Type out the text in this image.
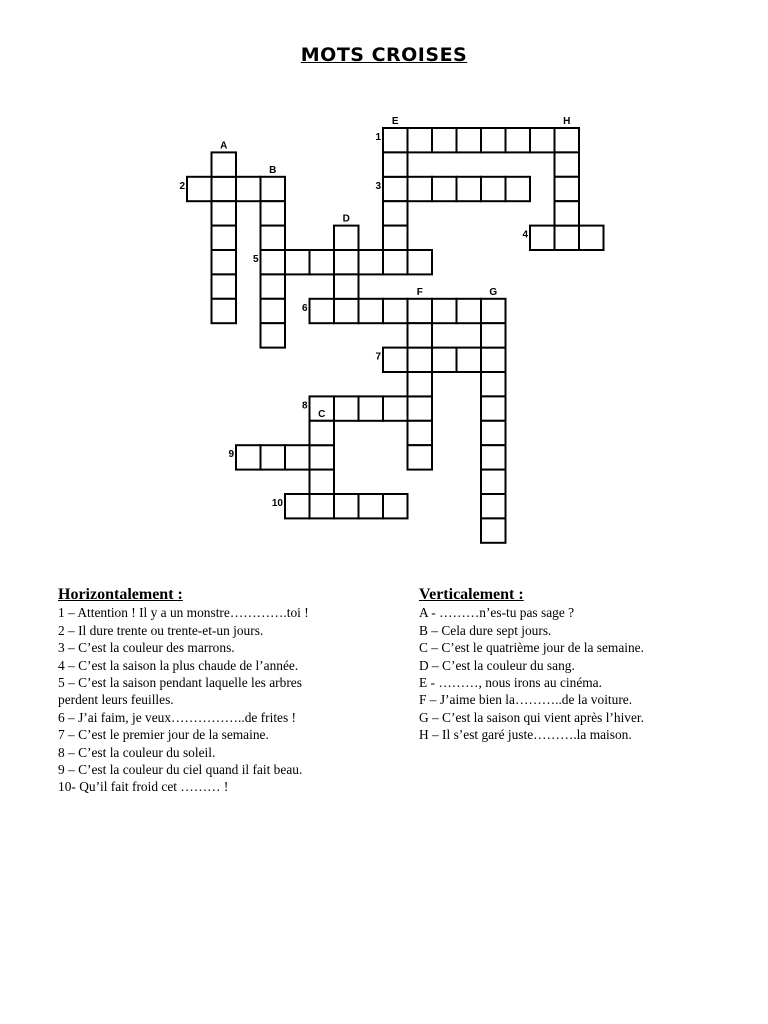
MOTS CROISES
1
2	3
4
5
6
7
8
9
10
A
B
C
D
E
F	G
H
Horizontalement :
1 – Attention ! Il y a un monstre………….toi !
2 – Il dure trente ou trente-et-un jours.
3 – C’est la couleur des marrons.
4 – C’est la saison la plus chaude de l’année.
5 – C’est la saison pendant laquelle les arbres
perdent leurs feuilles.
6 – J’ai faim, je veux……………..de frites !
7 – C’est le premier jour de la semaine.
8 – C’est la couleur du soleil.
9 – C’est la couleur du ciel quand il fait beau.
10- Qu’il fait froid cet ……… !
Verticalement :
A - ………n’es-tu pas sage ?
B – Cela dure sept jours.
C – C’est le quatrième jour de la semaine.
D – C’est la couleur du sang.
E - ………, nous irons au cinéma.
F – J’aime bien la………..de la voiture.
G – C’est la saison qui vient après l’hiver.
H – Il s’est garé juste……….la maison.
